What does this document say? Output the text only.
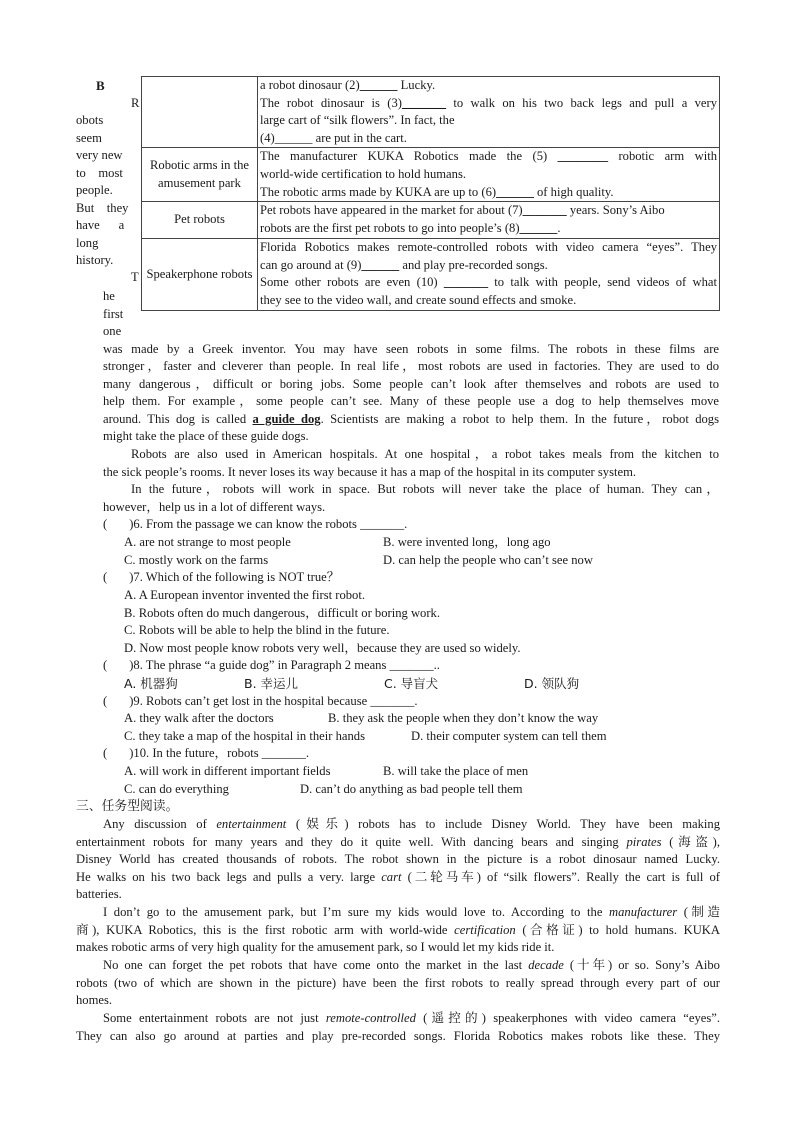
B
R
obots
seem
very new
to    most
people.
But    they
have      a
long
history.
T
he
first
one

	a robot dinosaur (2)______ Lucky.
The robot dinosaur is (3)_______ to walk on his two back legs and pull a very
large cart of “silk flowers”. In fact, the
(4)______ are put in the cart.

Robotic arms in the amusement park	The manufacturer KUKA Robotics made the (5) ________ robotic arm with
world-wide certification to hold humans.
The robotic arms made by KUKA are up to (6)______ of high quality.

Pet robots	Pet robots have appeared in the market for about (7)_______ years. Sony’s Aibo
robots are the first pet robots to go into people’s (8)______.

Speakerphone robots	Florida Robotics makes remote-controlled robots with video camera “eyes”. They
can go around at (9)______ and play pre-recorded songs.
Some other robots are even (10) _______ to talk with people, send videos of what
they see to the video wall, and create sound effects and smoke.
was made by a Greek inventor. You may have seen robots in some films. The robots in these films are
stronger，faster and cleverer than people. In real life，most robots are used in factories. They are used to do
many dangerous，difficult or boring jobs. Some people can’t look after themselves and robots are used to
help them. For example，some people can’t see. Many of these people use a dog to help themselves move
around. This dog is called a guide dog. Scientists are making a robot to help them. In the future，robot dogs
might take the place of these guide dogs.
Robots are also used in American hospitals. At one hospital，a robot takes meals from the kitchen to
the sick people’s rooms. It never loses its way because it has a map of the hospital in its computer system.
In the future，robots will work in space. But robots will never take the place of human. They can，
however，help us in a lot of different ways.
(       )6. From the passage we can know the robots _______.
A. are not strange to most people	B. were invented long，long ago
C. mostly work on the farms	D. can help the people who can’t see now
(       )7. Which of the following is NOT true？
A. A European inventor invented the first robot.
B. Robots often do much dangerous，difficult or boring work.
C. Robots will be able to help the blind in the future.
D. Now most people know robots very well，because they are used so widely.
(       )8. The phrase “a guide dog” in Paragraph 2 means _______..
A. 机器狗	B. 幸运儿	C. 导盲犬	D. 领队狗
(       )9. Robots can’t get lost in the hospital because _______.
A. they walk after the doctors	B. they ask the people when they don’t know the way
C. they take a map of the hospital in their hands	D. their computer system can tell them
(       )10. In the future，robots _______.
A. will work in different important fields	B. will take the place of men
C. can do everything	D. can’t do anything as bad people tell them
三、任务型阅读。
Any discussion of entertainment (娱乐) robots has to include Disney World. They have been making
entertainment robots for many years and they do it quite well. With dancing bears and singing pirates (海盗),
Disney World has created thousands of robots. The robot shown in the picture is a robot dinosaur named Lucky.
He walks on his two back legs and pulls a very. large cart (二轮马车) of “silk flowers”. Really the cart is full of
batteries.
I don’t go to the amusement park, but I’m sure my kids would love to. According to the manufacturer (制造
商), KUKA Robotics, this is the first robotic arm with world-wide certification (合格证) to hold humans. KUKA
makes robotic arms of very high quality for the amusement park, so I would let my kids ride it.
No one can forget the pet robots that have come onto the market in the last decade (十年) or so. Sony’s Aibo
robots (two of which are shown in the picture) have been the first robots to really spread through every part of our
homes.
Some entertainment robots are not just remote-controlled (遥控的) speakerphones with video camera “eyes”.
They can also go around at parties and play pre-recorded songs. Florida Robotics makes robots like these. They
